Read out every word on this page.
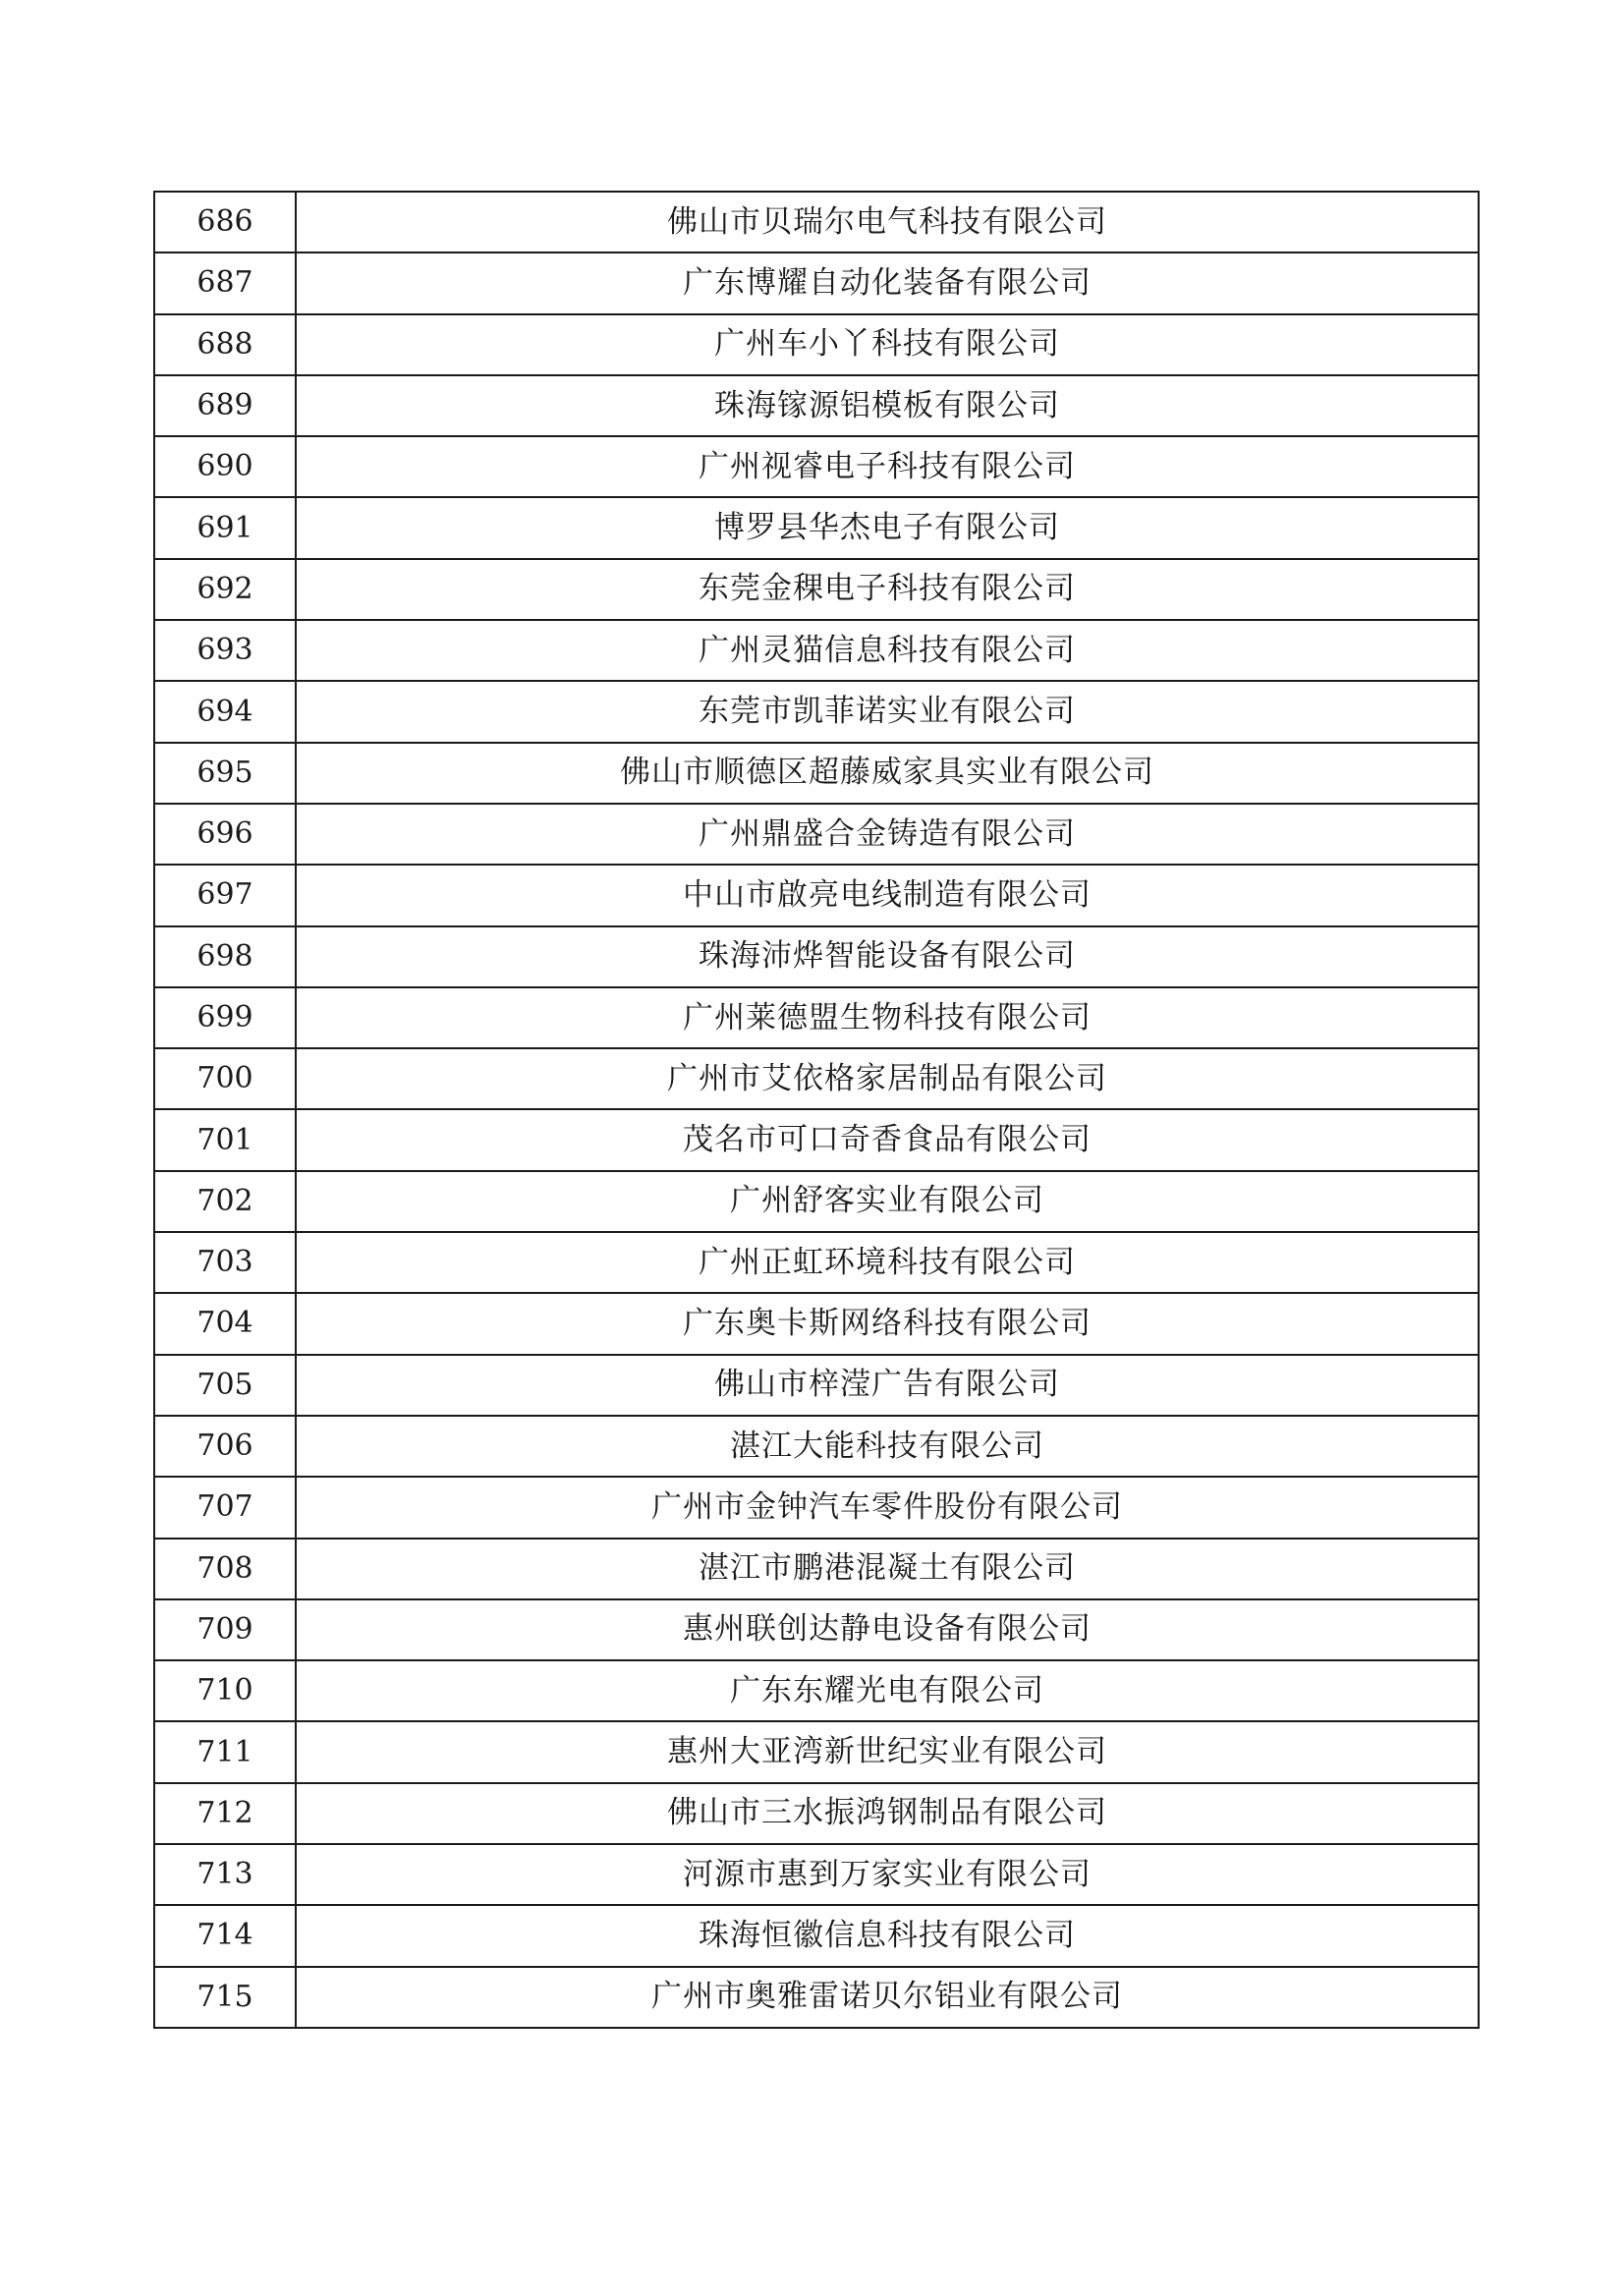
686	佛山市贝瑞尔电气科技有限公司
687	广东博耀自动化装备有限公司
688	广州车小丫科技有限公司
689	珠海镓源铝模板有限公司
690	广州视睿电子科技有限公司
691	博罗县华杰电子有限公司
692	东莞金稞电子科技有限公司
693	广州灵猫信息科技有限公司
694	东莞市凯菲诺实业有限公司
695	佛山市顺德区超藤威家具实业有限公司
696	广州鼎盛合金铸造有限公司
697	中山市啟亮电线制造有限公司
698	珠海沛烨智能设备有限公司
699	广州莱德盟生物科技有限公司
700	广州市艾依格家居制品有限公司
701	茂名市可口奇香食品有限公司
702	广州舒客实业有限公司
703	广州正虹环境科技有限公司
704	广东奥卡斯网络科技有限公司
705	佛山市梓滢广告有限公司
706	湛江大能科技有限公司
707	广州市金钟汽车零件股份有限公司
708	湛江市鹏港混凝土有限公司
709	惠州联创达静电设备有限公司
710	广东东耀光电有限公司
711	惠州大亚湾新世纪实业有限公司
712	佛山市三水振鸿钢制品有限公司
713	河源市惠到万家实业有限公司
714	珠海恒徽信息科技有限公司
715	广州市奥雅雷诺贝尔铝业有限公司
